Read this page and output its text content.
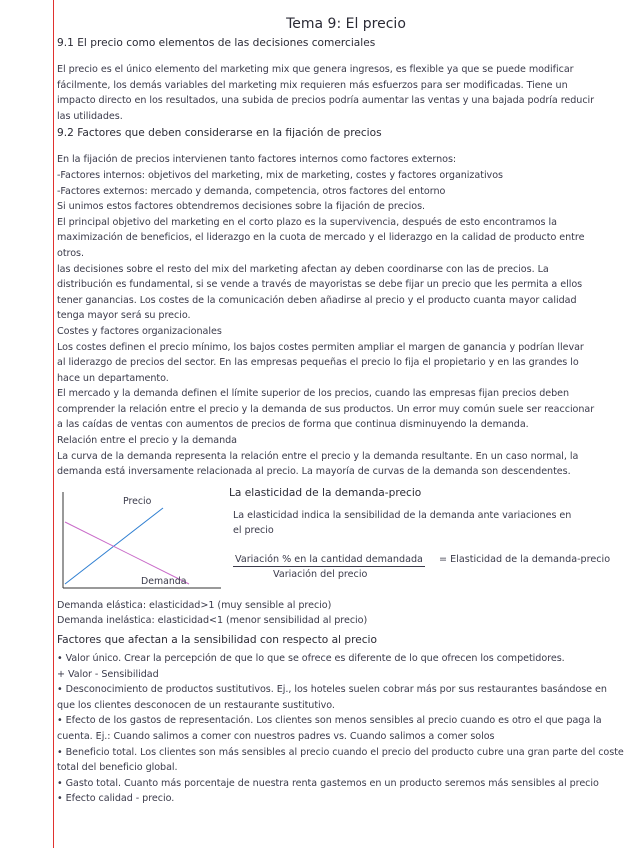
Tema 9: El precio
9.1 El precio como elementos de las decisiones comerciales

El precio es el único elemento del marketing mix que genera ingresos, es flexible ya que se puede modificar

fácilmente, los demás variables del marketing mix requieren más esfuerzos para ser modificadas. Tiene un

impacto directo en los resultados, una subida de precios podría aumentar las ventas y una bajada podría reducir

las utilidades.

9.2 Factores que deben considerarse en la fijación de precios

En la fijación de precios intervienen tanto factores internos como factores externos:

-Factores internos: objetivos del marketing, mix de marketing, costes y factores organizativos

-Factores externos: mercado y demanda, competencia, otros factores del entorno

Si unimos estos factores obtendremos decisiones sobre la fijación de precios.

El principal objetivo del marketing en el corto plazo es la supervivencia, después de esto encontramos la

maximización de beneficios, el liderazgo en la cuota de mercado y el liderazgo en la calidad de producto entre

otros.

las decisiones sobre el resto del mix del marketing afectan ay deben coordinarse con las de precios. La

distribución es fundamental, si se vende a través de mayoristas se debe fijar un precio que les permita a ellos

tener ganancias. Los costes de la comunicación deben añadirse al precio y el producto cuanta mayor calidad

tenga mayor será su precio.

Costes y factores organizacionales

Los costes definen el precio mínimo, los bajos costes permiten ampliar el margen de ganancia y podrían llevar

al liderazgo de precios del sector. En las empresas pequeñas el precio lo fija el propietario y en las grandes lo

hace un departamento.

El mercado y la demanda definen el límite superior de los precios, cuando las empresas fijan precios deben

comprender la relación entre el precio y la demanda de sus productos. Un error muy común suele ser reaccionar

a las caídas de ventas con aumentos de precios de forma que continua disminuyendo la demanda.

Relación entre el precio y la demanda

La curva de la demanda representa la relación entre el precio y la demanda resultante. En un caso normal, la

demanda está inversamente relacionada al precio. La mayoría de curvas de la demanda son descendentes.

Precio
Demanda
La elasticidad de la demanda-precio

La elasticidad indica la sensibilidad de la demanda ante variaciones en

el precio

Variación % en la cantidad demandada = Elasticidad de la demanda-precio
Variación del precio

Demanda elástica: elasticidad>1 (muy sensible al precio)

Demanda inelástica: elasticidad<1 (menor sensibilidad al precio)

Factores que afectan a la sensibilidad con respecto al precio

• Valor único. Crear la percepción de que lo que se ofrece es diferente de lo que ofrecen los competidores.

+ Valor - Sensibilidad

• Desconocimiento de productos sustitutivos. Ej., los hoteles suelen cobrar más por sus restaurantes basándose en

que los clientes desconocen de un restaurante sustitutivo.

• Efecto de los gastos de representación. Los clientes son menos sensibles al precio cuando es otro el que paga la

cuenta. Ej.: Cuando salimos a comer con nuestros padres vs. Cuando salimos a comer solos

• Beneficio total. Los clientes son más sensibles al precio cuando el precio del producto cubre una gran parte del coste

total del beneficio global.

• Gasto total. Cuanto más porcentaje de nuestra renta gastemos en un producto seremos más sensibles al precio

• Efecto calidad - precio.
